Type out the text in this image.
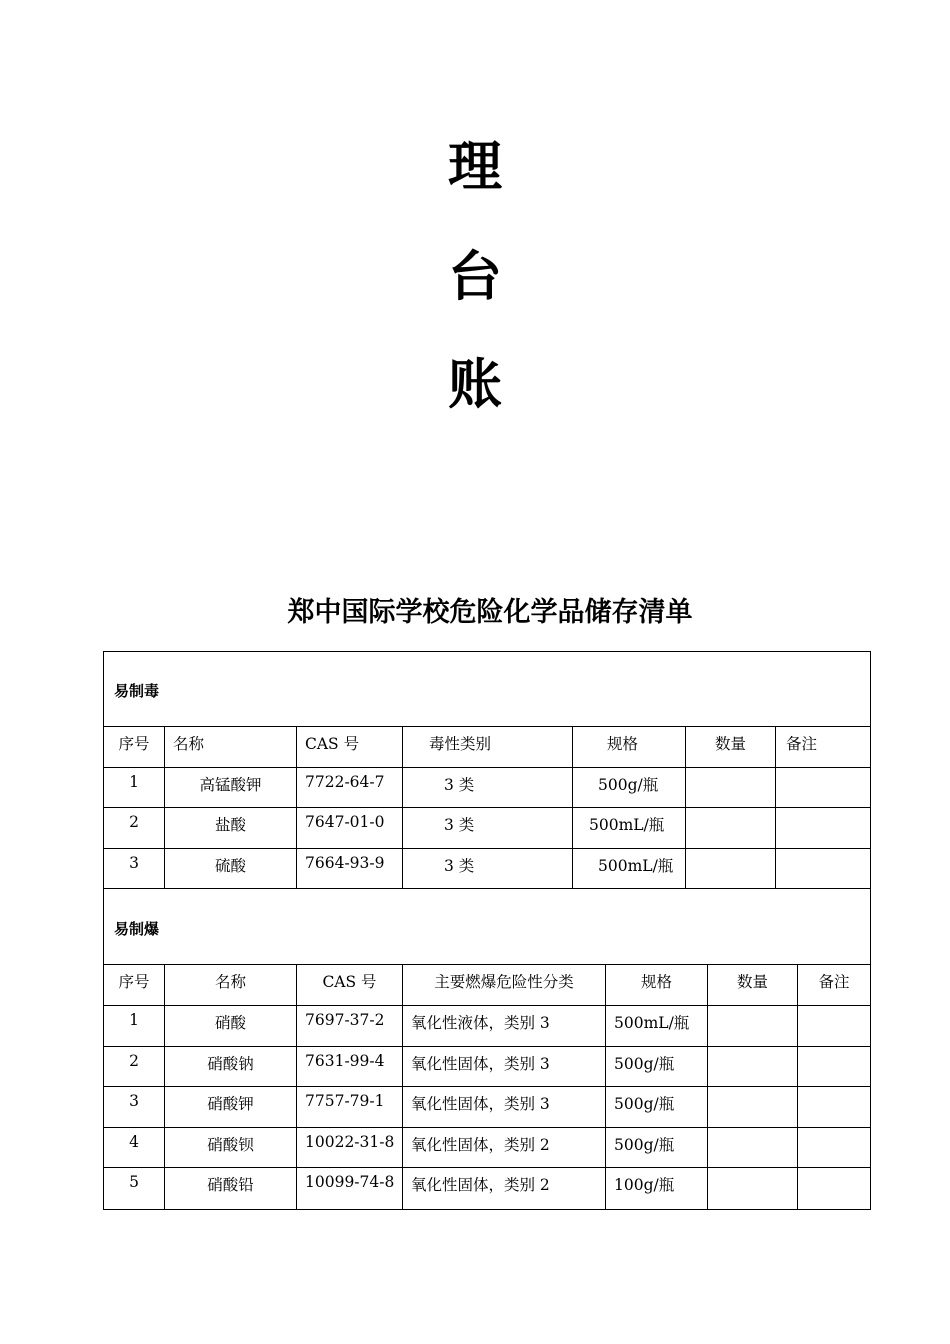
理
台
账
郑中国际学校危险化学品储存清单
易制毒
序号	名称	CAS 号	毒性类别	规格	数量	备注
1	高锰酸钾	7722-64-7	3 类	500g/瓶
2	盐酸	7647-01-0	3 类	500mL/瓶
3	硫酸	7664-93-9	3 类	500mL/瓶
易制爆
序号	名称	CAS 号	主要燃爆危险性分类	规格	数量	备注
1	硝酸	7697-37-2	氧化性液体，类别 3	500mL/瓶
2	硝酸钠	7631-99-4	氧化性固体，类别 3	500g/瓶
3	硝酸钾	7757-79-1	氧化性固体，类别 3	500g/瓶
4	硝酸钡	10022-31-8	氧化性固体，类别 2	500g/瓶
5	硝酸铅	10099-74-8	氧化性固体，类别 2	100g/瓶
